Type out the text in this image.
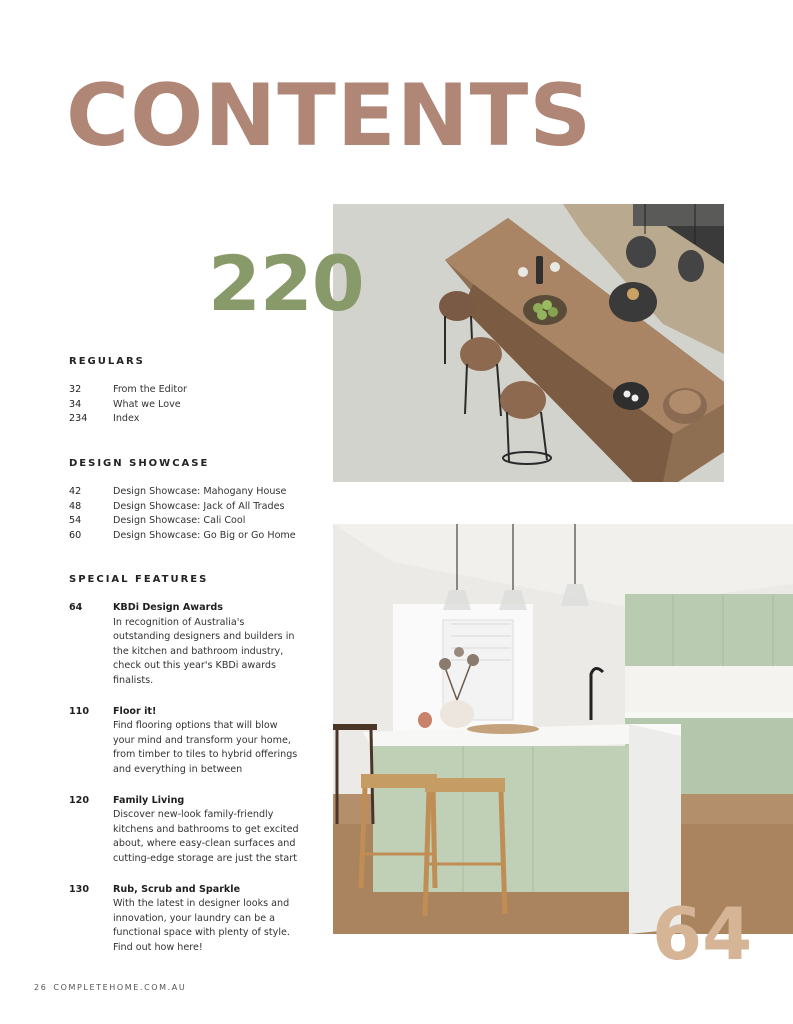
CONTENTS
220
64
REGULARS
32	From the Editor
34	What we Love
234	Index
DESIGN SHOWCASE
42	Design Showcase: Mahogany House
48	Design Showcase: Jack of All Trades
54	Design Showcase: Cali Cool
60	Design Showcase: Go Big or Go Home
SPECIAL FEATURES
64	KBDi Design Awards
In recognition of Australia's outstanding designers and builders in the kitchen and bathroom industry, check out this year's KBDi awards finalists.
110	Floor it!
Find flooring options that will blow your mind and transform your home, from timber to tiles to hybrid offerings and everything in between
120	Family Living
Discover new-look family-friendly kitchens and bathrooms to get excited about, where easy-clean surfaces and cutting-edge storage are just the start
130	Rub, Scrub and Sparkle
With the latest in designer looks and innovation, your laundry can be a functional space with plenty of style. Find out how here!
26 COMPLETEHOME.COM.AU
